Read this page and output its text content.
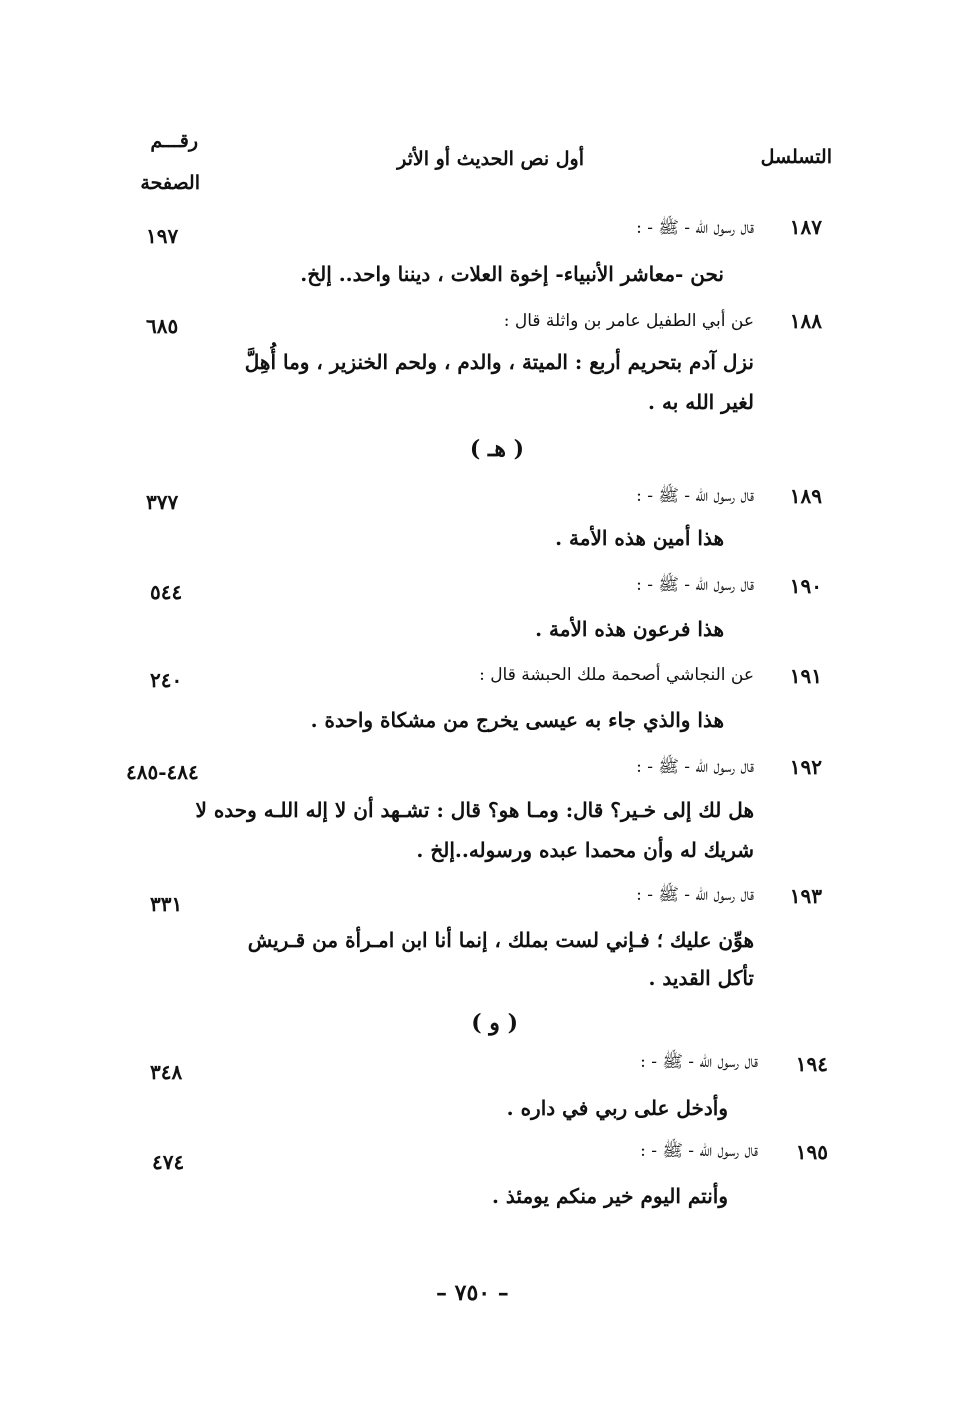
التسلسل
أول نص الحديث أو الأثر
رقـــم
الصفحة
١٨٧
قال رسول الله - ﷺ - :
١٩٧
نحن -معاشر الأنبياء- إخوة العلات ، ديننا واحد.. إلخ.
١٨٨
عن أبي الطفيل عامر بن واثلة قال :
٦٨٥
نزل آدم بتحريم أربع : الميتة ، والدم ، ولحم الخنزير ، وما أُهِلَّ
لغير الله به .
( هـ )
١٨٩
قال رسول الله - ﷺ - :
٣٧٧
هذا أمين هذه الأمة .
١٩٠
قال رسول الله - ﷺ - :
٥٤٤
هذا فرعون هذه الأمة .
١٩١
عن النجاشي أصحمة ملك الحبشة قال :
٢٤٠
هذا والذي جاء به عيسى يخرج من مشكاة واحدة .
١٩٢
قال رسول الله - ﷺ - :
٤٨٤-٤٨٥
هل لك إلى خـير؟ قال: ومـا هو؟ قال : تشـهد أن لا إله اللـه وحده لا
شريك له وأن محمدا عبده ورسوله..إلخ .
١٩٣
قال رسول الله - ﷺ - :
٣٣١
هوِّن عليك ؛ فـإني لست بملك ، إنما أنا ابن امـرأة من قـريش
تأكل القديد .
( و )
١٩٤
قال رسول الله - ﷺ - :
٣٤٨
وأدخل على ربي في داره .
١٩٥
قال رسول الله - ﷺ - :
٤٧٤
وأنتم اليوم خير منكم يومئذ .
– ٧٥٠ –
